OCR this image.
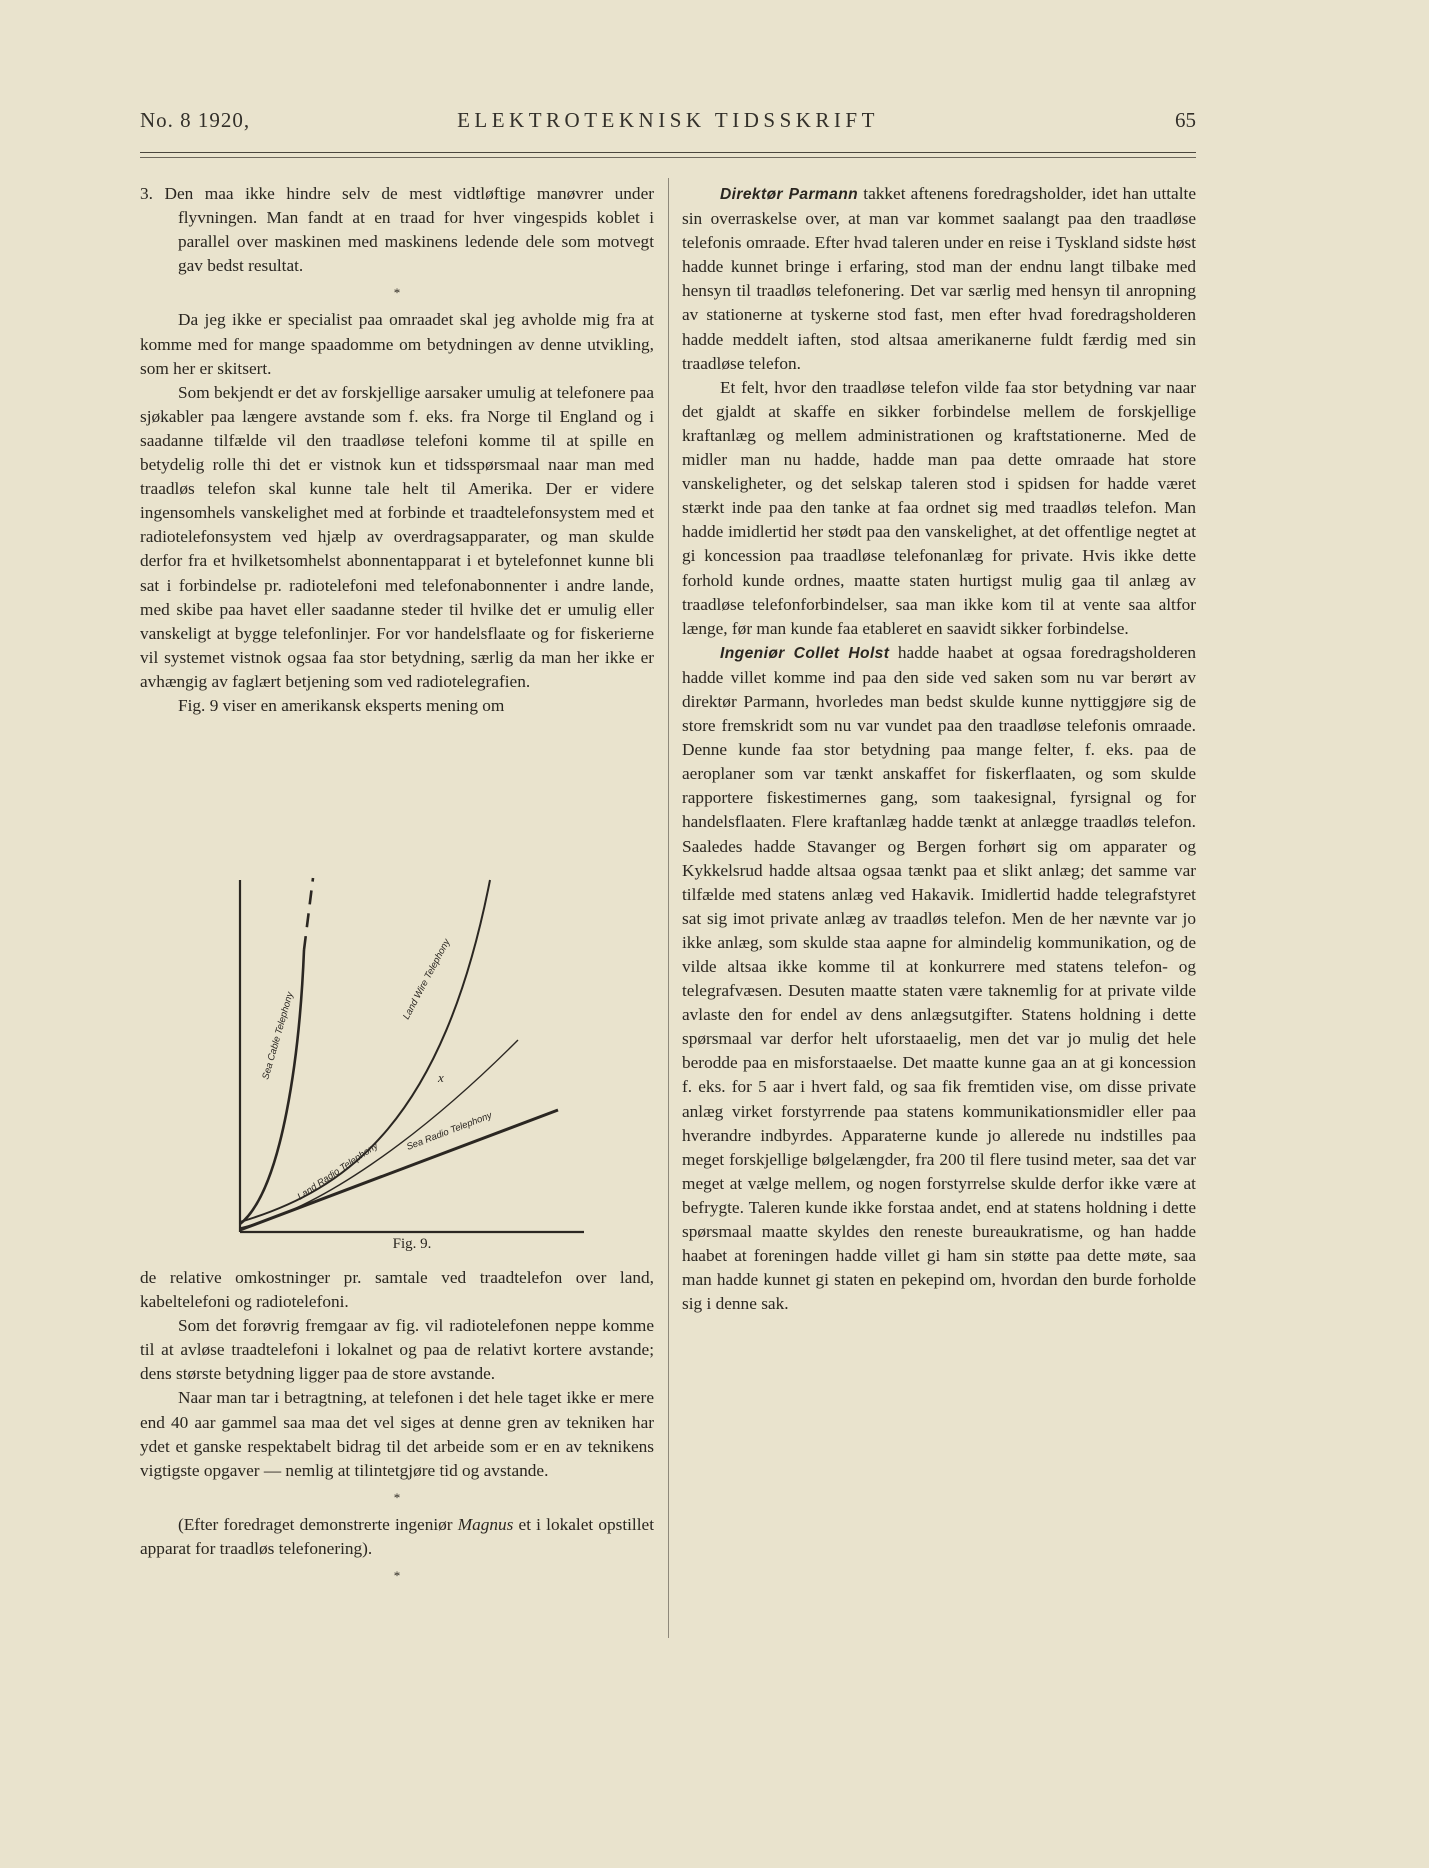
No. 8 1920,	ELEKTROTEKNISK TIDSSKRIFT	65

3. Den maa ikke hindre selv de mest vidtløftige manøvrer under flyvningen. Man fandt at en traad for hver vingespids koblet i parallel over maskinen med maskinens ledende dele som motvegt gav bedst resultat.

*

Da jeg ikke er specialist paa omraadet skal jeg avholde mig fra at komme med for mange spaadomme om betydningen av denne utvikling, som her er skitsert.

Som bekjendt er det av forskjellige aarsaker umulig at telefonere paa sjøkabler paa længere avstande som f. eks. fra Norge til England og i saadanne tilfælde vil den traadløse telefoni komme til at spille en betydelig rolle thi det er vistnok kun et tidsspørsmaal naar man med traadløs telefon skal kunne tale helt til Amerika. Der er videre ingensomhels vanskelighet med at forbinde et traadtelefonsystem med et radiotelefonsystem ved hjælp av overdragsapparater, og man skulde derfor fra et hvilketsomhelst abonnentapparat i et bytelefonnet kunne bli sat i forbindelse pr. radiotelefoni med telefonabonnenter i andre lande, med skibe paa havet eller saadanne steder til hvilke det er umulig eller vanskeligt at bygge telefonlinjer. For vor handelsflaate og for fiskerierne vil systemet vistnok ogsaa faa stor betydning, særlig da man her ikke er avhængig av faglært betjening som ved radiotelegrafien.

Fig. 9 viser en amerikansk eksperts mening om

Sea Cable Telephony
Land Wire Telephony
Land Radio Telephony
Sea Radio Telephony
x
Fig. 9.

de relative omkostninger pr. samtale ved traadtelefon over land, kabeltelefoni og radiotelefoni.

Som det forøvrig fremgaar av fig. vil radiotelefonen neppe komme til at avløse traadtelefoni i lokalnet og paa de relativt kortere avstande; dens største betydning ligger paa de store avstande.

Naar man tar i betragtning, at telefonen i det hele taget ikke er mere end 40 aar gammel saa maa det vel siges at denne gren av tekniken har ydet et ganske respektabelt bidrag til det arbeide som er en av teknikens vigtigste opgaver — nemlig at tilintetgjøre tid og avstande.

*

(Efter foredraget demonstrerte ingeniør Magnus et i lokalet opstillet apparat for traadløs telefonering).

*

Direktør Parmann takket aftenens foredragsholder, idet han uttalte sin overraskelse over, at man var kommet saalangt paa den traadløse telefonis omraade. Efter hvad taleren under en reise i Tyskland sidste høst hadde kunnet bringe i erfaring, stod man der endnu langt tilbake med hensyn til traadløs telefonering. Det var særlig med hensyn til anropning av stationerne at tyskerne stod fast, men efter hvad foredragsholderen hadde meddelt iaften, stod altsaa amerikanerne fuldt færdig med sin traadløse telefon.

Et felt, hvor den traadløse telefon vilde faa stor betydning var naar det gjaldt at skaffe en sikker forbindelse mellem de forskjellige kraftanlæg og mellem administrationen og kraftstationerne. Med de midler man nu hadde, hadde man paa dette omraade hat store vanskeligheter, og det selskap taleren stod i spidsen for hadde været stærkt inde paa den tanke at faa ordnet sig med traadløs telefon. Man hadde imidlertid her stødt paa den vanskelighet, at det offentlige negtet at gi koncession paa traadløse telefonanlæg for private. Hvis ikke dette forhold kunde ordnes, maatte staten hurtigst mulig gaa til anlæg av traadløse telefonforbindelser, saa man ikke kom til at vente saa altfor længe, før man kunde faa etableret en saavidt sikker forbindelse.

Ingeniør Collet Holst hadde haabet at ogsaa foredragsholderen hadde villet komme ind paa den side ved saken som nu var berørt av direktør Parmann, hvorledes man bedst skulde kunne nyttiggjøre sig de store fremskridt som nu var vundet paa den traadløse telefonis omraade. Denne kunde faa stor betydning paa mange felter, f. eks. paa de aeroplaner som var tænkt anskaffet for fiskerflaaten, og som skulde rapportere fiskestimernes gang, som taakesignal, fyrsignal og for handelsflaaten. Flere kraftanlæg hadde tænkt at anlægge traadløs telefon. Saaledes hadde Stavanger og Bergen forhørt sig om apparater og Kykkelsrud hadde altsaa ogsaa tænkt paa et slikt anlæg; det samme var tilfælde med statens anlæg ved Hakavik. Imidlertid hadde telegrafstyret sat sig imot private anlæg av traadløs telefon. Men de her nævnte var jo ikke anlæg, som skulde staa aapne for almindelig kommunikation, og de vilde altsaa ikke komme til at konkurrere med statens telefon- og telegrafvæsen. Desuten maatte staten være taknemlig for at private vilde avlaste den for endel av dens anlægsutgifter. Statens holdning i dette spørsmaal var derfor helt uforstaaelig, men det var jo mulig det hele berodde paa en misforstaaelse. Det maatte kunne gaa an at gi koncession f. eks. for 5 aar i hvert fald, og saa fik fremtiden vise, om disse private anlæg virket forstyrrende paa statens kommunikationsmidler eller paa hverandre indbyrdes. Apparaterne kunde jo allerede nu indstilles paa meget forskjellige bølgelængder, fra 200 til flere tusind meter, saa det var meget at vælge mellem, og nogen forstyrrelse skulde derfor ikke være at befrygte. Taleren kunde ikke forstaa andet, end at statens holdning i dette spørsmaal maatte skyldes den reneste bureaukratisme, og han hadde haabet at foreningen hadde villet gi ham sin støtte paa dette møte, saa man hadde kunnet gi staten en pekepind om, hvordan den burde forholde sig i denne sak.
